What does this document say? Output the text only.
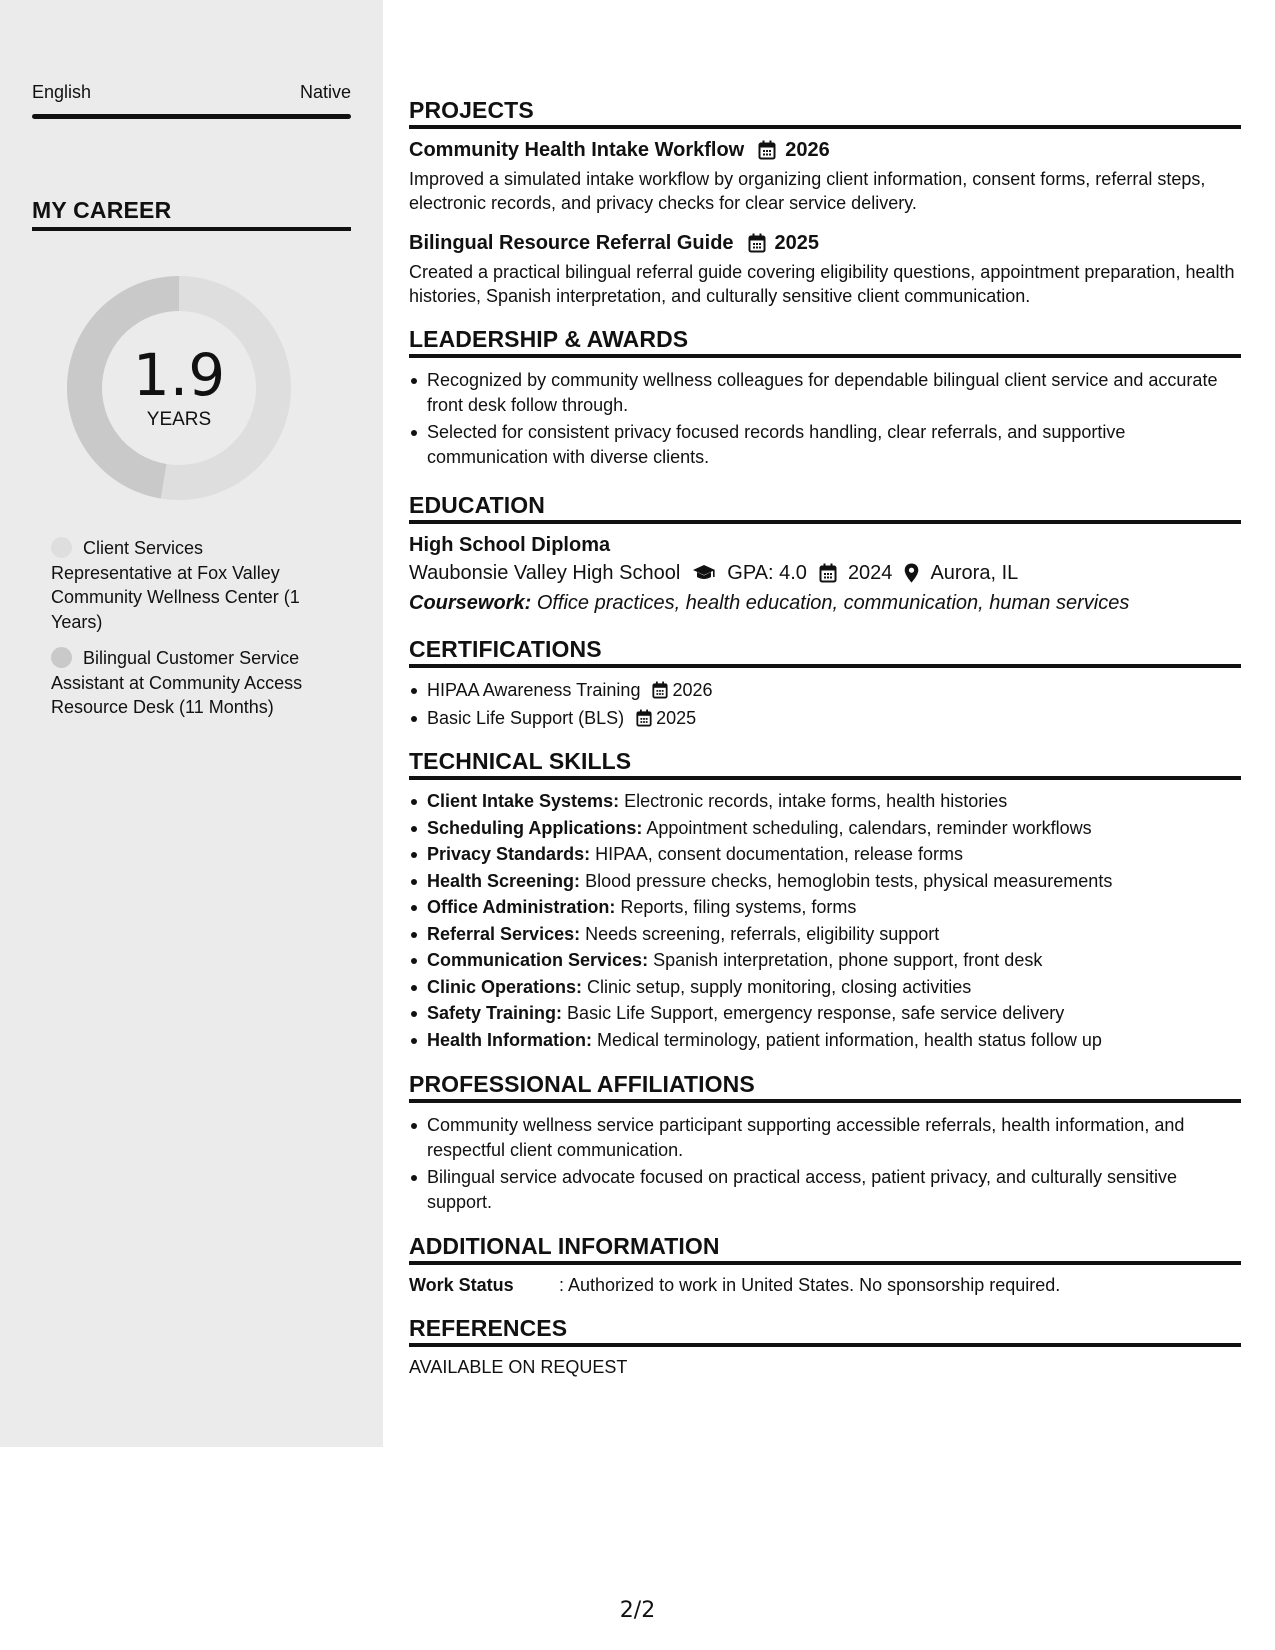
English	Native
MY CAREER
1.9
YEARS
Client Services Representative at Fox Valley Community Wellness Center (1 Years)
Bilingual Customer Service Assistant at Community Access Resource Desk (11 Months)
PROJECTS
Community Health Intake Workflow 2026
Improved a simulated intake workflow by organizing client information, consent forms, referral steps, electronic records, and privacy checks for clear service delivery.
Bilingual Resource Referral Guide 2025
Created a practical bilingual referral guide covering eligibility questions, appointment preparation, health histories, Spanish interpretation, and culturally sensitive client communication.
LEADERSHIP & AWARDS
Recognized by community wellness colleagues for dependable bilingual client service and accurate front desk follow through.
Selected for consistent privacy focused records handling, clear referrals, and supportive communication with diverse clients.
EDUCATION
High School Diploma
Waubonsie Valley High School GPA: 4.0 2024 Aurora, IL
Coursework: Office practices, health education, communication, human services
CERTIFICATIONS
HIPAA Awareness Training 2026
Basic Life Support (BLS) 2025
TECHNICAL SKILLS
Client Intake Systems: Electronic records, intake forms, health histories
Scheduling Applications: Appointment scheduling, calendars, reminder workflows
Privacy Standards: HIPAA, consent documentation, release forms
Health Screening: Blood pressure checks, hemoglobin tests, physical measurements
Office Administration: Reports, filing systems, forms
Referral Services: Needs screening, referrals, eligibility support
Communication Services: Spanish interpretation, phone support, front desk
Clinic Operations: Clinic setup, supply monitoring, closing activities
Safety Training: Basic Life Support, emergency response, safe service delivery
Health Information: Medical terminology, patient information, health status follow up
PROFESSIONAL AFFILIATIONS
Community wellness service participant supporting accessible referrals, health information, and respectful client communication.
Bilingual service advocate focused on practical access, patient privacy, and culturally sensitive support.
ADDITIONAL INFORMATION
Work Status	: Authorized to work in United States. No sponsorship required.
REFERENCES
AVAILABLE ON REQUEST
2/2
